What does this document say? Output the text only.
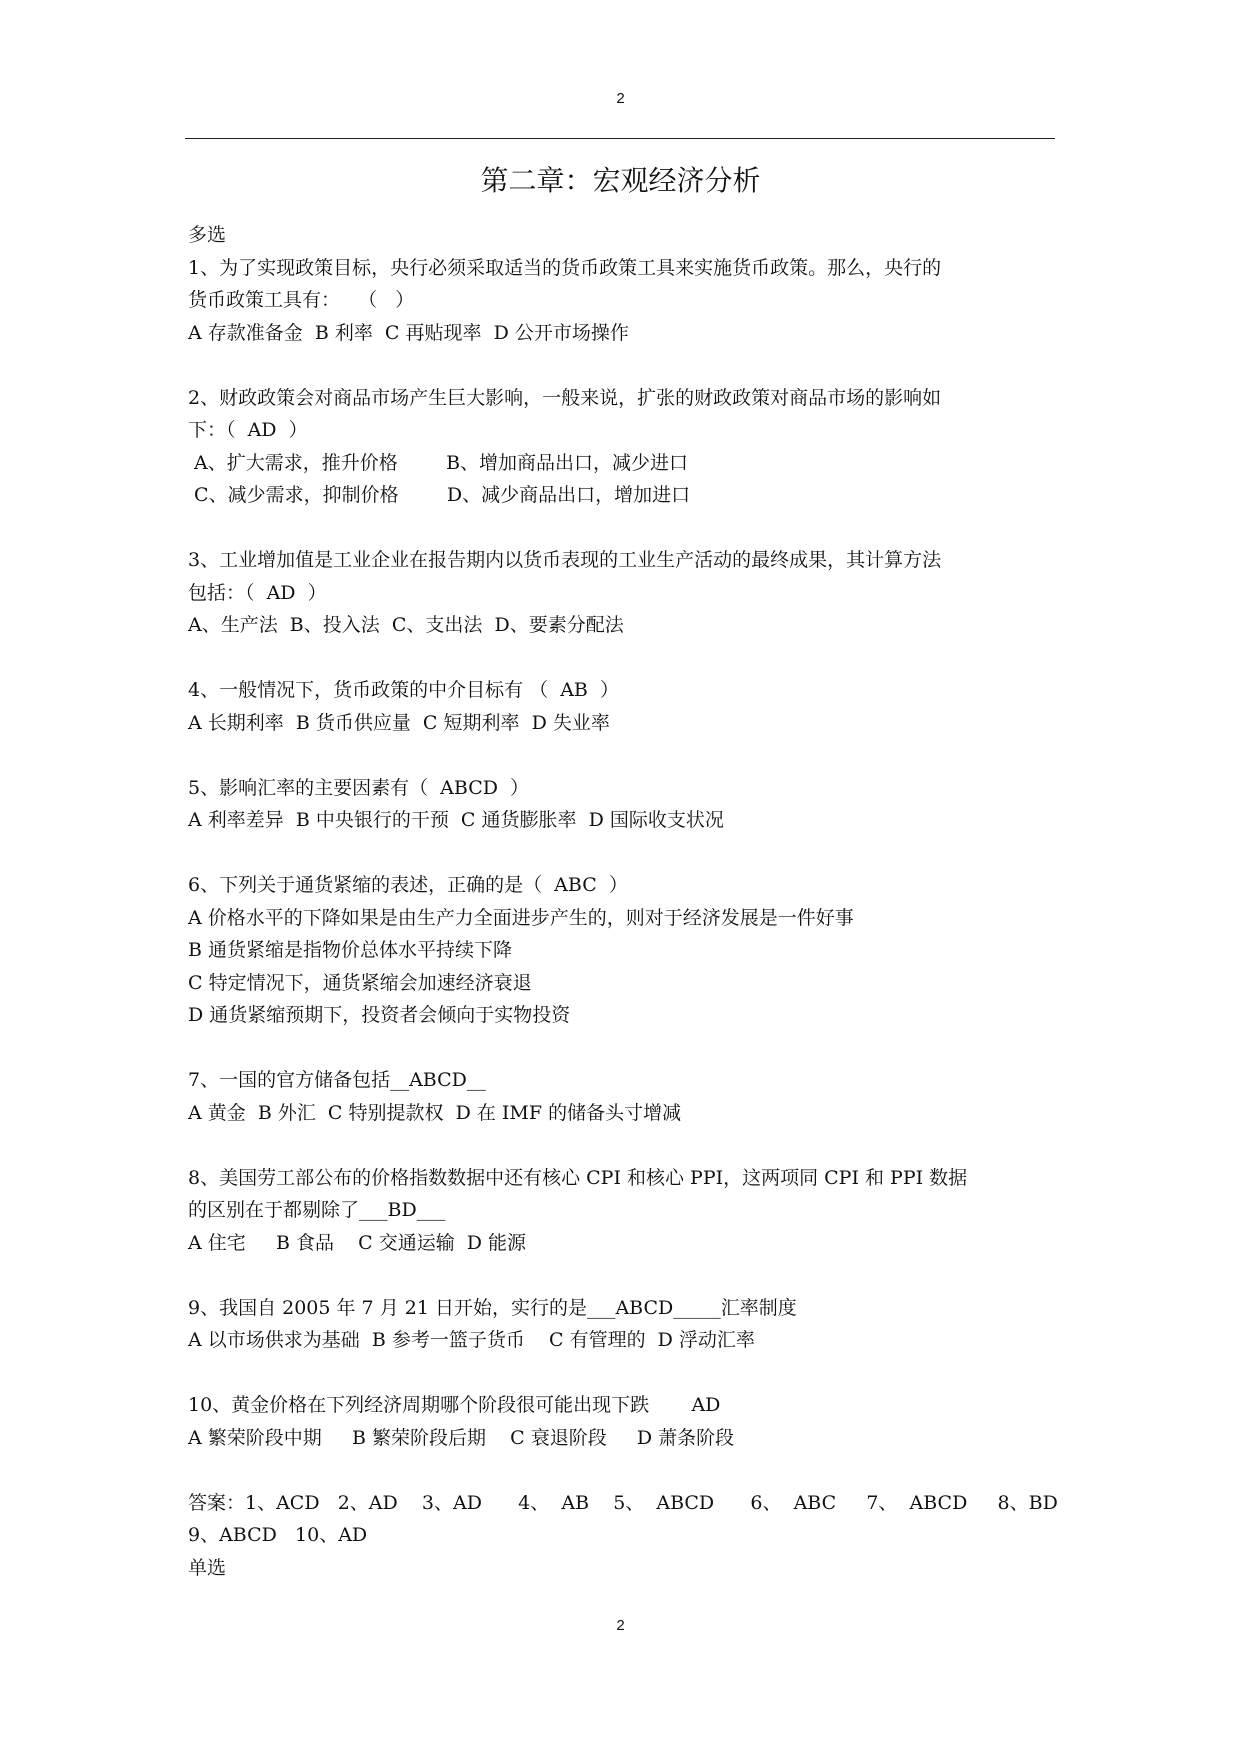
2
第二章：宏观经济分析
多选
1、为了实现政策目标，央行必须采取适当的货币政策工具来实施货币政策。那么，央行的
货币政策工具有：   （   ）
A 存款准备金  B 利率  C 再贴现率  D 公开市场操作
2、财政政策会对商品市场产生巨大影响，一般来说，扩张的财政政策对商品市场的影响如
下：（  AD  ）
A、扩大需求，推升价格        B、增加商品出口，减少进口
C、减少需求，抑制价格        D、减少商品出口，增加进口
3、工业增加值是工业企业在报告期内以货币表现的工业生产活动的最终成果，其计算方法
包括：（  AD  ）
A、生产法  B、投入法  C、支出法  D、要素分配法
4、一般情况下，货币政策的中介目标有 （  AB  ）
A 长期利率  B 货币供应量  C 短期利率  D 失业率
5、影响汇率的主要因素有（  ABCD  ）
A 利率差异  B 中央银行的干预  C 通货膨胀率  D 国际收支状况
6、下列关于通货紧缩的表述，正确的是（  ABC  ）
A 价格水平的下降如果是由生产力全面进步产生的，则对于经济发展是一件好事
B 通货紧缩是指物价总体水平持续下降
C 特定情况下，通货紧缩会加速经济衰退
D 通货紧缩预期下，投资者会倾向于实物投资
7、一国的官方储备包括__ABCD__
A 黄金  B 外汇  C 特别提款权  D 在 IMF 的储备头寸增减
8、美国劳工部公布的价格指数数据中还有核心 CPI 和核心 PPI，这两项同 CPI 和 PPI 数据
的区别在于都剔除了___BD___
A 住宅     B 食品    C 交通运输  D 能源
9、我国自 2005 年 7 月 21 日开始，实行的是___ABCD_____汇率制度
A 以市场供求为基础  B 参考一篮子货币    C 有管理的  D 浮动汇率
10、黄金价格在下列经济周期哪个阶段很可能出现下跌       AD
A 繁荣阶段中期     B 繁荣阶段后期    C 衰退阶段     D 萧条阶段
答案：1、ACD   2、AD    3、AD      4、  AB    5、  ABCD      6、  ABC     7、  ABCD     8、BD
9、ABCD   10、AD
单选
2
